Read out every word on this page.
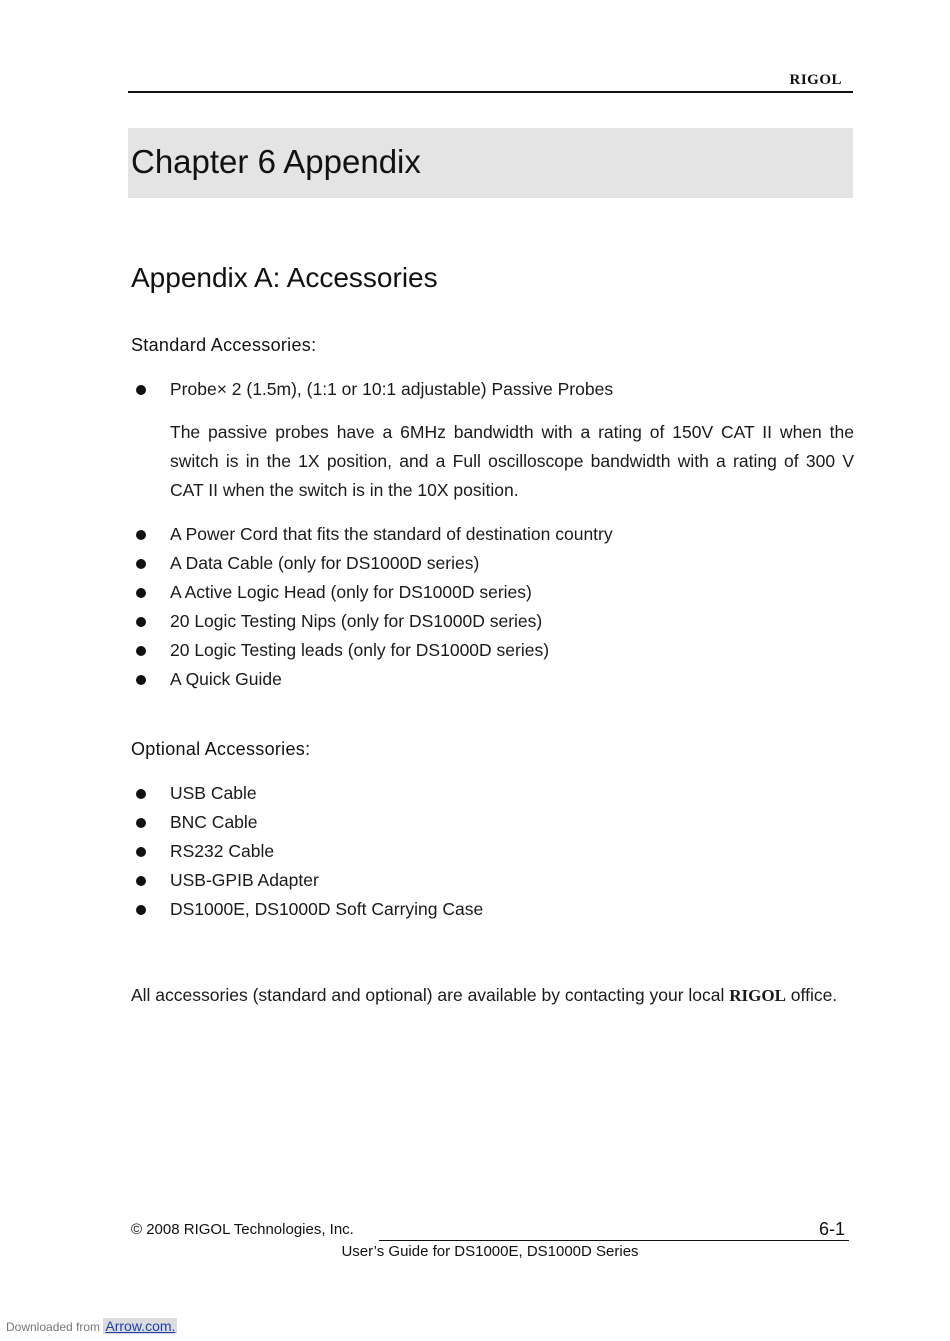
RIGOL
Chapter 6 Appendix
Appendix A: Accessories
Standard Accessories:
Probe× 2 (1.5m), (1:1 or 10:1 adjustable) Passive Probes

The passive probes have a 6MHz bandwidth with a rating of 150V CAT II when the switch is in the 1X position, and a Full oscilloscope bandwidth with a rating of 300 V CAT II when the switch is in the 10X position.

A Power Cord that fits the standard of destination country
A Data Cable (only for DS1000D series)
A Active Logic Head (only for DS1000D series)
20 Logic Testing Nips (only for DS1000D series)
20 Logic Testing leads (only for DS1000D series)
A Quick Guide
Optional Accessories:
USB Cable
BNC Cable
RS232 Cable
USB-GPIB Adapter
DS1000E, DS1000D Soft Carrying Case

All accessories (standard and optional) are available by contacting your local RIGOL office.

© 2008 RIGOL Technologies, Inc.	6-1
User’s Guide for DS1000E, DS1000D Series
Downloaded from Arrow.com.
